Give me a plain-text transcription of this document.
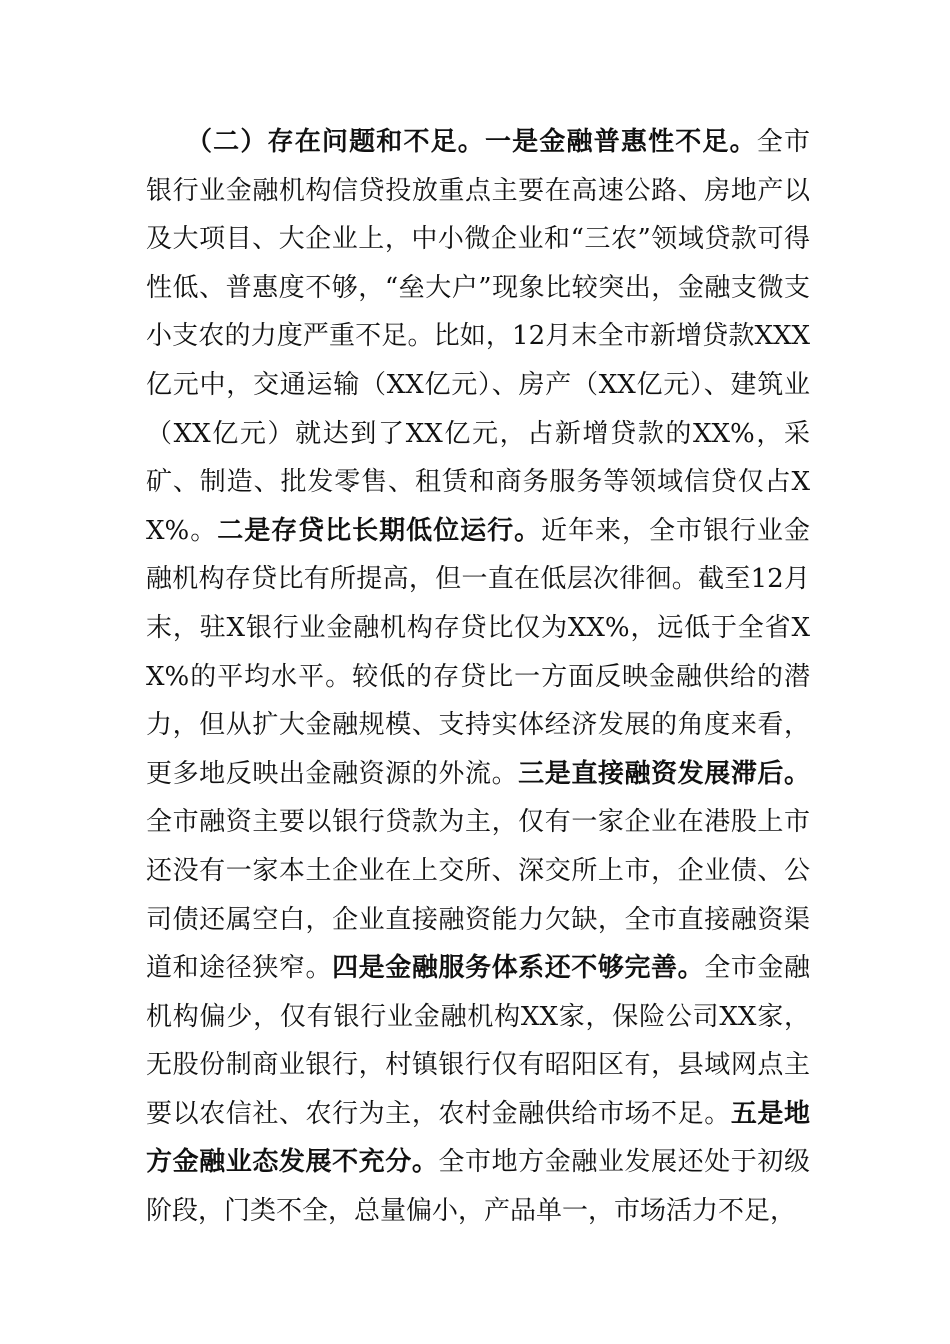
（二）存在问题和不足。一是金融普惠性不足。全市银行业金融机构信贷投放重点主要在高速公路、房地产以及大项目、大企业上，中小微企业和“三农”领域贷款可得性低、普惠度不够，“垒大户”现象比较突出，金融支微支小支农的力度严重不足。比如，12月末全市新增贷款XXX亿元中，交通运输（XX亿元）、房产（XX亿元）、建筑业（XX亿元）就达到了XX亿元，占新增贷款的XX%，采矿、制造、批发零售、租赁和商务服务等领域信贷仅占XX%。二是存贷比长期低位运行。近年来，全市银行业金融机构存贷比有所提高，但一直在低层次徘徊。截至12月末，驻X银行业金融机构存贷比仅为XX%，远低于全省XX%的平均水平。较低的存贷比一方面反映金融供给的潜力，但从扩大金融规模、支持实体经济发展的角度来看，更多地反映出金融资源的外流。三是直接融资发展滞后。全市融资主要以银行贷款为主，仅有一家企业在港股上市还没有一家本土企业在上交所、深交所上市，企业债、公司债还属空白，企业直接融资能力欠缺，全市直接融资渠道和途径狭窄。四是金融服务体系还不够完善。全市金融机构偏少，仅有银行业金融机构XX家，保险公司XX家，无股份制商业银行，村镇银行仅有昭阳区有，县域网点主要以农信社、农行为主，农村金融供给市场不足。五是地方金融业态发展不充分。全市地方金融业发展还处于初级阶段，门类不全，总量偏小，产品单一，市场活力不足，
